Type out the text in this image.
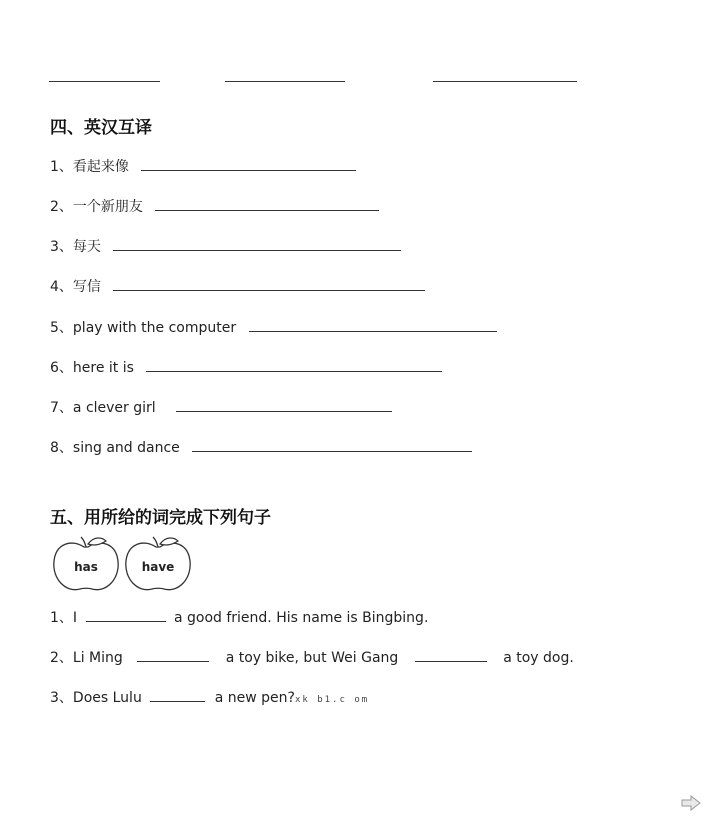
四、英汉互译
1、看起来像
2、一个新朋友
3、每天
4、写信
5、play with the computer
6、here it is
7、a clever girl
8、sing and dance
五、用所给的词完成下列句子
has	have
1、I	a good friend. His name is Bingbing.
2、Li Ming	a toy bike, but Wei Gang	a toy dog.
3、Does Lulu	a new pen?xk b1.c om
